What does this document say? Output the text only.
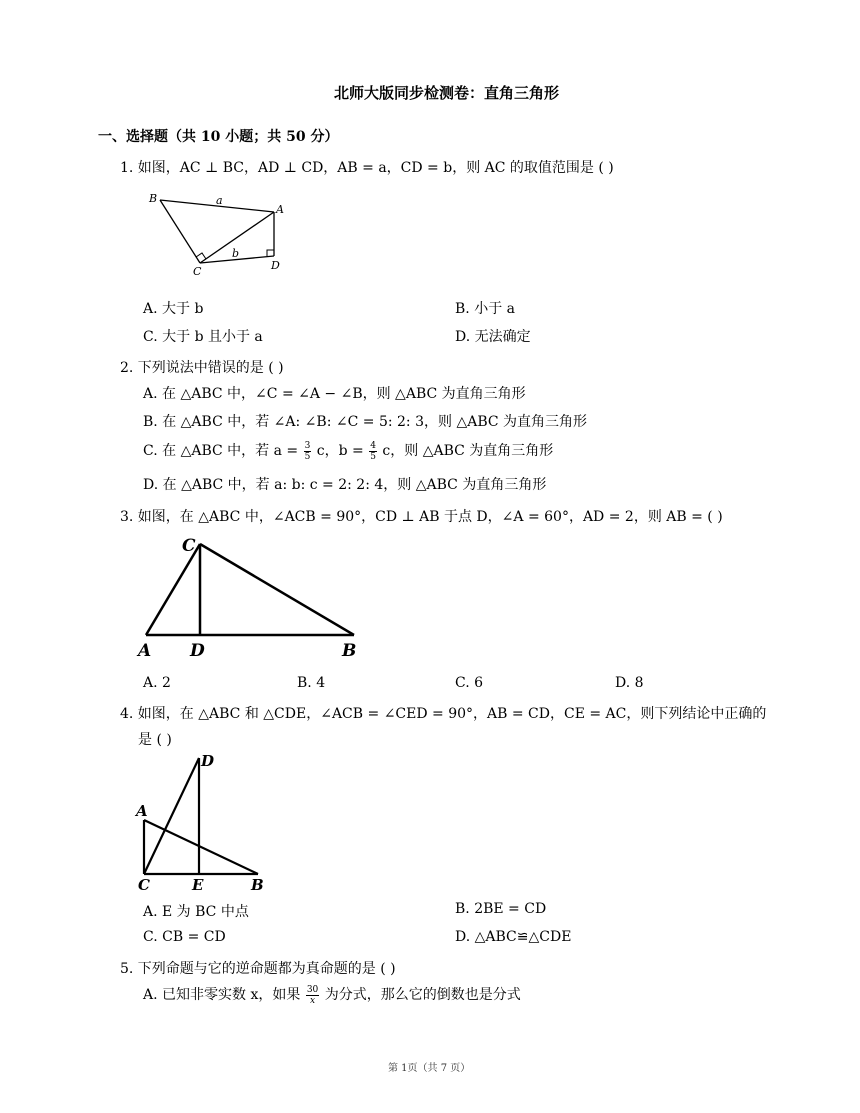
北师大版同步检测卷：直角三角形
一、选择题（共 10 小题；共 50 分）
1. 如图，AC ⊥ BC，AD ⊥ CD，AB = a，CD = b，则 AC 的取值范围是 ( )
B
A
C	D
a
b
A. 大于 b	B. 小于 a
C. 大于 b 且小于 a	D. 无法确定
2. 下列说法中错误的是 ( )
A. 在 △ABC 中，∠C = ∠A − ∠B，则 △ABC 为直角三角形
B. 在 △ABC 中，若 ∠A: ∠B: ∠C = 5: 2: 3，则 △ABC 为直角三角形
C. 在 △ABC 中，若 $a = \frac{3}{5}$ c，$b = \frac{4}{5}$ c，则 △ABC 为直角三角形
D. 在 △ABC 中，若 a: b: c = 2: 2: 4，则 △ABC 为直角三角形
3. 如图，在 △ABC 中，∠ACB = 90°，CD ⊥ AB 于点 D，∠A = 60°，AD = 2，则 AB = ( )
C
A D	B
A. 2	B. 4	C. 6	D. 8
4. 如图，在 △ABC 和 △CDE，∠ACB = ∠CED = 90°，AB = CD，CE = AC，则下列结论中正确的
是 ( )
D
A
C	E	B
A. E 为 BC 中点	B. 2BE = CD
C. CB = CD	D. △ABC≌△CDE
5. 下列命题与它的逆命题都为真命题的是 ( )
A. 已知非零实数 x，如果 $\frac{30}{x}$ 为分式，那么它的倒数也是分式
第 1页（共 7 页）
